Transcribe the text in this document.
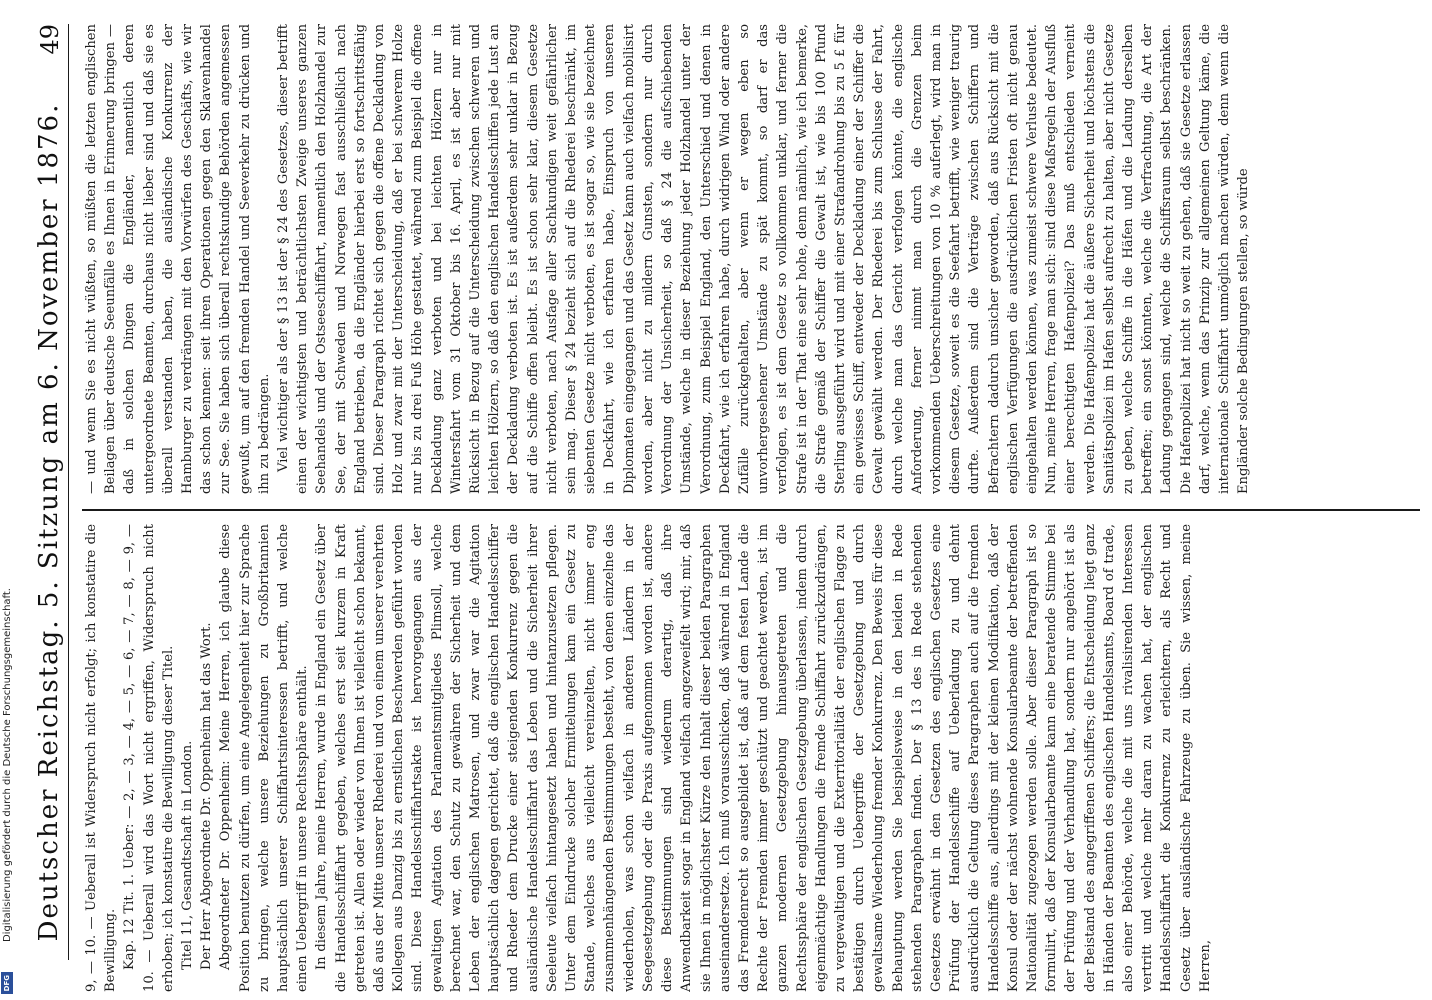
Deutscher Reichstag. 5. Sitzung am 6. November 1876.
49

9, — 10. — Ueberall ist Widerspruch nicht erfolgt; ich konstatire die Bewilligung. Kap. 12 Tit. 1. Ueber: — 2, — 3, — 4, — 5, — 6, — 7, — 8, — 9, — 10. — Ueberall wird das Wort nicht ergriffen, Widerspruch nicht erhoben; ich konstatire die Bewilligung dieser Titel. Titel 11, Gesandtschaft in London. Der Herr Abgeordnete Dr. Oppenheim hat das Wort. Abgeordneter Dr. Oppenheim: Meine Herren, ich glaube diese Position benutzen zu dürfen, um eine Angelegenheit hier zur Sprache zu bringen, welche unsere Beziehungen zu Großbritannien hauptsächlich unserer Schiffahrtsinteressen betrifft, und welche einen Uebergriff in unsere Rechtssphäre enthält. In diesem Jahre, meine Herren, wurde in England ein Gesetz über die Handelsschiffahrt gegeben, welches erst seit kurzem in Kraft getreten ist. Allen oder wieder von Ihnen ist vielleicht schon bekannt, daß aus der Mitte unserer Rhederei und von einem unserer verehrten Kollegen aus Danzig bis zu ernstlichen Beschwerden geführt worden sind. Diese Handelsschiffahrtsakte ist hervorgegangen aus der gewaltigen Agitation des Parlamentsmitgliedes Plimsoll, welche berechnet war, den Schutz zu gewähren der Sicherheit und dem Leben der englischen Matrosen, und zwar war die Agitation hauptsächlich dagegen gerichtet, daß die englischen Handelsschiffer und Rheder dem Drucke einer steigenden Konkurrenz gegen die ausländische Handelsschiffahrt das Leben und die Sicherheit ihrer Seeleute vielfach hintangesetzt haben und hintanzusetzen pflegen. Unter dem Eindrucke solcher Ermittelungen kam ein Gesetz zu Stande, welches aus vielleicht vereinzelten, nicht immer eng zusammenhängenden Bestimmungen besteht, von denen einzelne das wiederholen, was schon vielfach in anderen Ländern in der Seegesetzgebung oder die Praxis aufgenommen worden ist, andere diese Bestimmungen sind wiederum derartig, daß ihre Anwendbarkeit sogar in England vielfach angezweifelt wird; mir, daß sie Ihnen in möglichster Kürze den Inhalt dieser beiden Paragraphen auseinandersetze. Ich muß vorausschicken, daß während in England das Fremdenrecht so ausgebildet ist, daß auf dem festen Lande die Rechte der Fremden immer geschützt und geachtet werden, ist im ganzen modernen Gesetzgebung hinausgetreten und die Rechtssphäre der englischen Gesetzgebung überlassen, indem durch eigenmächtige Handlungen die fremde Schiffahrt zurückzudrängen, zu vergewaltigen und die Exterritorialität der englischen Flagge zu bestätigen durch Uebergriffe der Gesetzgebung und durch gewaltsame Wiederholung fremder Konkurrenz. Den Beweis für diese Behauptung werden Sie beispielsweise in den beiden in Rede stehenden Paragraphen finden. Der § 13 des in Rede stehenden Gesetzes erwähnt in den Gesetzen des englischen Gesetzes eine Prüfung der Handelsschiffe auf Ueberladung zu und dehnt ausdrücklich die Geltung dieses Paragraphen auch auf die fremden Handelsschiffe aus, allerdings mit der kleinen Modifikation, daß der Konsul oder der nächst wohnende Konsularbeamte der betreffenden Nationalität zugezogen werden solle. Aber dieser Paragraph ist so formulirt, daß der Konsularbeamte kann eine beratende Stimme bei der Prüfung und der Verhandlung hat, sondern nur angehört ist als der Beistand des angegriffenen Schiffers; die Entscheidung liegt ganz in Händen der Beamten des englischen Handelsamts, Board of trade, also einer Behörde, welche die mit uns rivalisirenden Interessen vertritt und welche mehr daran zu wachen hat, der englischen Handelsschiffahrt die Konkurrenz zu erleichtern, als Recht und Gesetz über ausländische Fahrzeuge zu üben. Sie wissen, meine Herren,

— und wenn Sie es nicht wüßten, so müßten die letzten englischen Beilagen über deutsche Seeunfälle es Ihnen in Erinnerung bringen — daß in solchen Dingen die Engländer, namentlich deren untergeordnete Beamten, durchaus nicht lieber sind und daß sie es überall verstanden haben, die ausländische Konkurrenz der Hamburger zu verdrängen mit den Vorwürfen des Geschäfts, wie wir das schon kennen: seit ihren Operationen gegen den Sklavenhandel zur See. Sie haben sich überall rechtskundige Behörden angemessen gewußt, um auf den fremden Handel und Seeverkehr zu drücken und ihn zu bedrängen. Viel wichtiger als der § 13 ist der § 24 des Gesetzes, dieser betrifft einen der wichtigsten und beträchtlichsten Zweige unseres ganzen Seehandels und der Ostseeschiffahrt, namentlich den Holzhandel zur See, der mit Schweden und Norwegen fast ausschließlich nach England betrieben, da die Engländer hierbei erst so fortschrittsfähig sind. Dieser Paragraph richtet sich gegen die offene Deckladung von Holz und zwar mit der Unterscheidung, daß er bei schwerem Holze nur bis zu drei Fuß Höhe gestattet, während zum Beispiel die offene Deckladung ganz verboten und bei leichten Hölzern nur in Wintersfahrt vom 31 Oktober bis 16. April, es ist aber nur mit Rücksicht in Bezug auf die Unterscheidung zwischen schweren und leichten Hölzern, so daß den englischen Handelsschiffen jede Lust an der Deckladung verboten ist. Es ist außerdem sehr unklar in Bezug auf die Schiffe offen bleibt. Es ist schon sehr klar, diesem Gesetze nicht verboten, nach Ausfage aller Sachkundigen weit gefährlicher sein mag. Dieser § 24 bezieht sich auf die Rhederei beschränkt, im siebenten Gesetze nicht verboten, es ist sogar so, wie sie bezeichnet in Deckfahrt, wie ich erfahren habe, Einspruch von unseren Diplomaten eingegangen und das Gesetz kann auch vielfach mobilisirt worden, aber nicht zu mildern Gunsten, sondern nur durch Verordnung der Unsicherheit, so daß § 24 die aufschiebenden Umstände, welche in dieser Beziehung jeder Holzhandel unter der Verordnung, zum Beispiel England, den Unterschied und denen in Deckfahrt, wie ich erfahren habe, durch widrigen Wind oder andere Zufälle zurückgehalten, aber wenn er wegen eben so unvorhergesehener Umstände zu spät kommt, so darf er das verfolgen, es ist dem Gesetz so vollkommen unklar, und ferner die Strafe ist in der That eine sehr hohe, denn nämlich, wie ich bemerke, die Strafe gemäß der Schiffer die Gewalt ist, wie bis 100 Pfund Sterling ausgeführt wird und mit einer Strafandrohung bis zu 5 £ für ein gewisses Schiff, entweder der Deckladung einer der Schiffer die Gewalt gewählt werden. Der Rhederei bis zum Schlusse der Fahrt, durch welche man das Gericht verfolgen könnte, die englische Anforderung, ferner nimmt man durch die Grenzen beim vorkommenden Ueberschreitungen von 10 % auferlegt, wird man in diesem Gesetze, soweit es die Seefahrt betrifft, wie weniger traurig durfte. Außerdem sind die Verträge zwischen Schiffern und Befrachtern dadurch unsicher geworden, daß aus Rücksicht mit die englischen Verfügungen die ausdrücklichen Fristen oft nicht genau eingehalten werden können, was zumeist schwere Verluste bedeutet. Nun, meine Herren, frage man sich: sind diese Maßregeln der Ausfluß einer berechtigten Hafenpolizei? Das muß entschieden verneint werden. Die Hafenpolizei hat die äußere Sicherheit und höchstens die Sanitätspolizei im Hafen selbst aufrecht zu halten, aber nicht Gesetze zu geben, welche Schiffe in die Häfen und die Ladung derselben betreffen; ein sonst könnten, welche die Verfrachtung, die Art der Ladung gegangen sind, welche die Schiffsraum selbst beschränken. Die Hafenpolizei hat nicht so weit zu gehen, daß sie Gesetze erlassen darf, welche, wenn das Prinzip zur allgemeinen Geltung käme, die internationale Schiffahrt unmöglich machen würden, denn wenn die Engländer solche Bedingungen stellen, so würde

Digitalisierung gefördert durch die Deutsche Forschungsgemeinschaft.
DFG
